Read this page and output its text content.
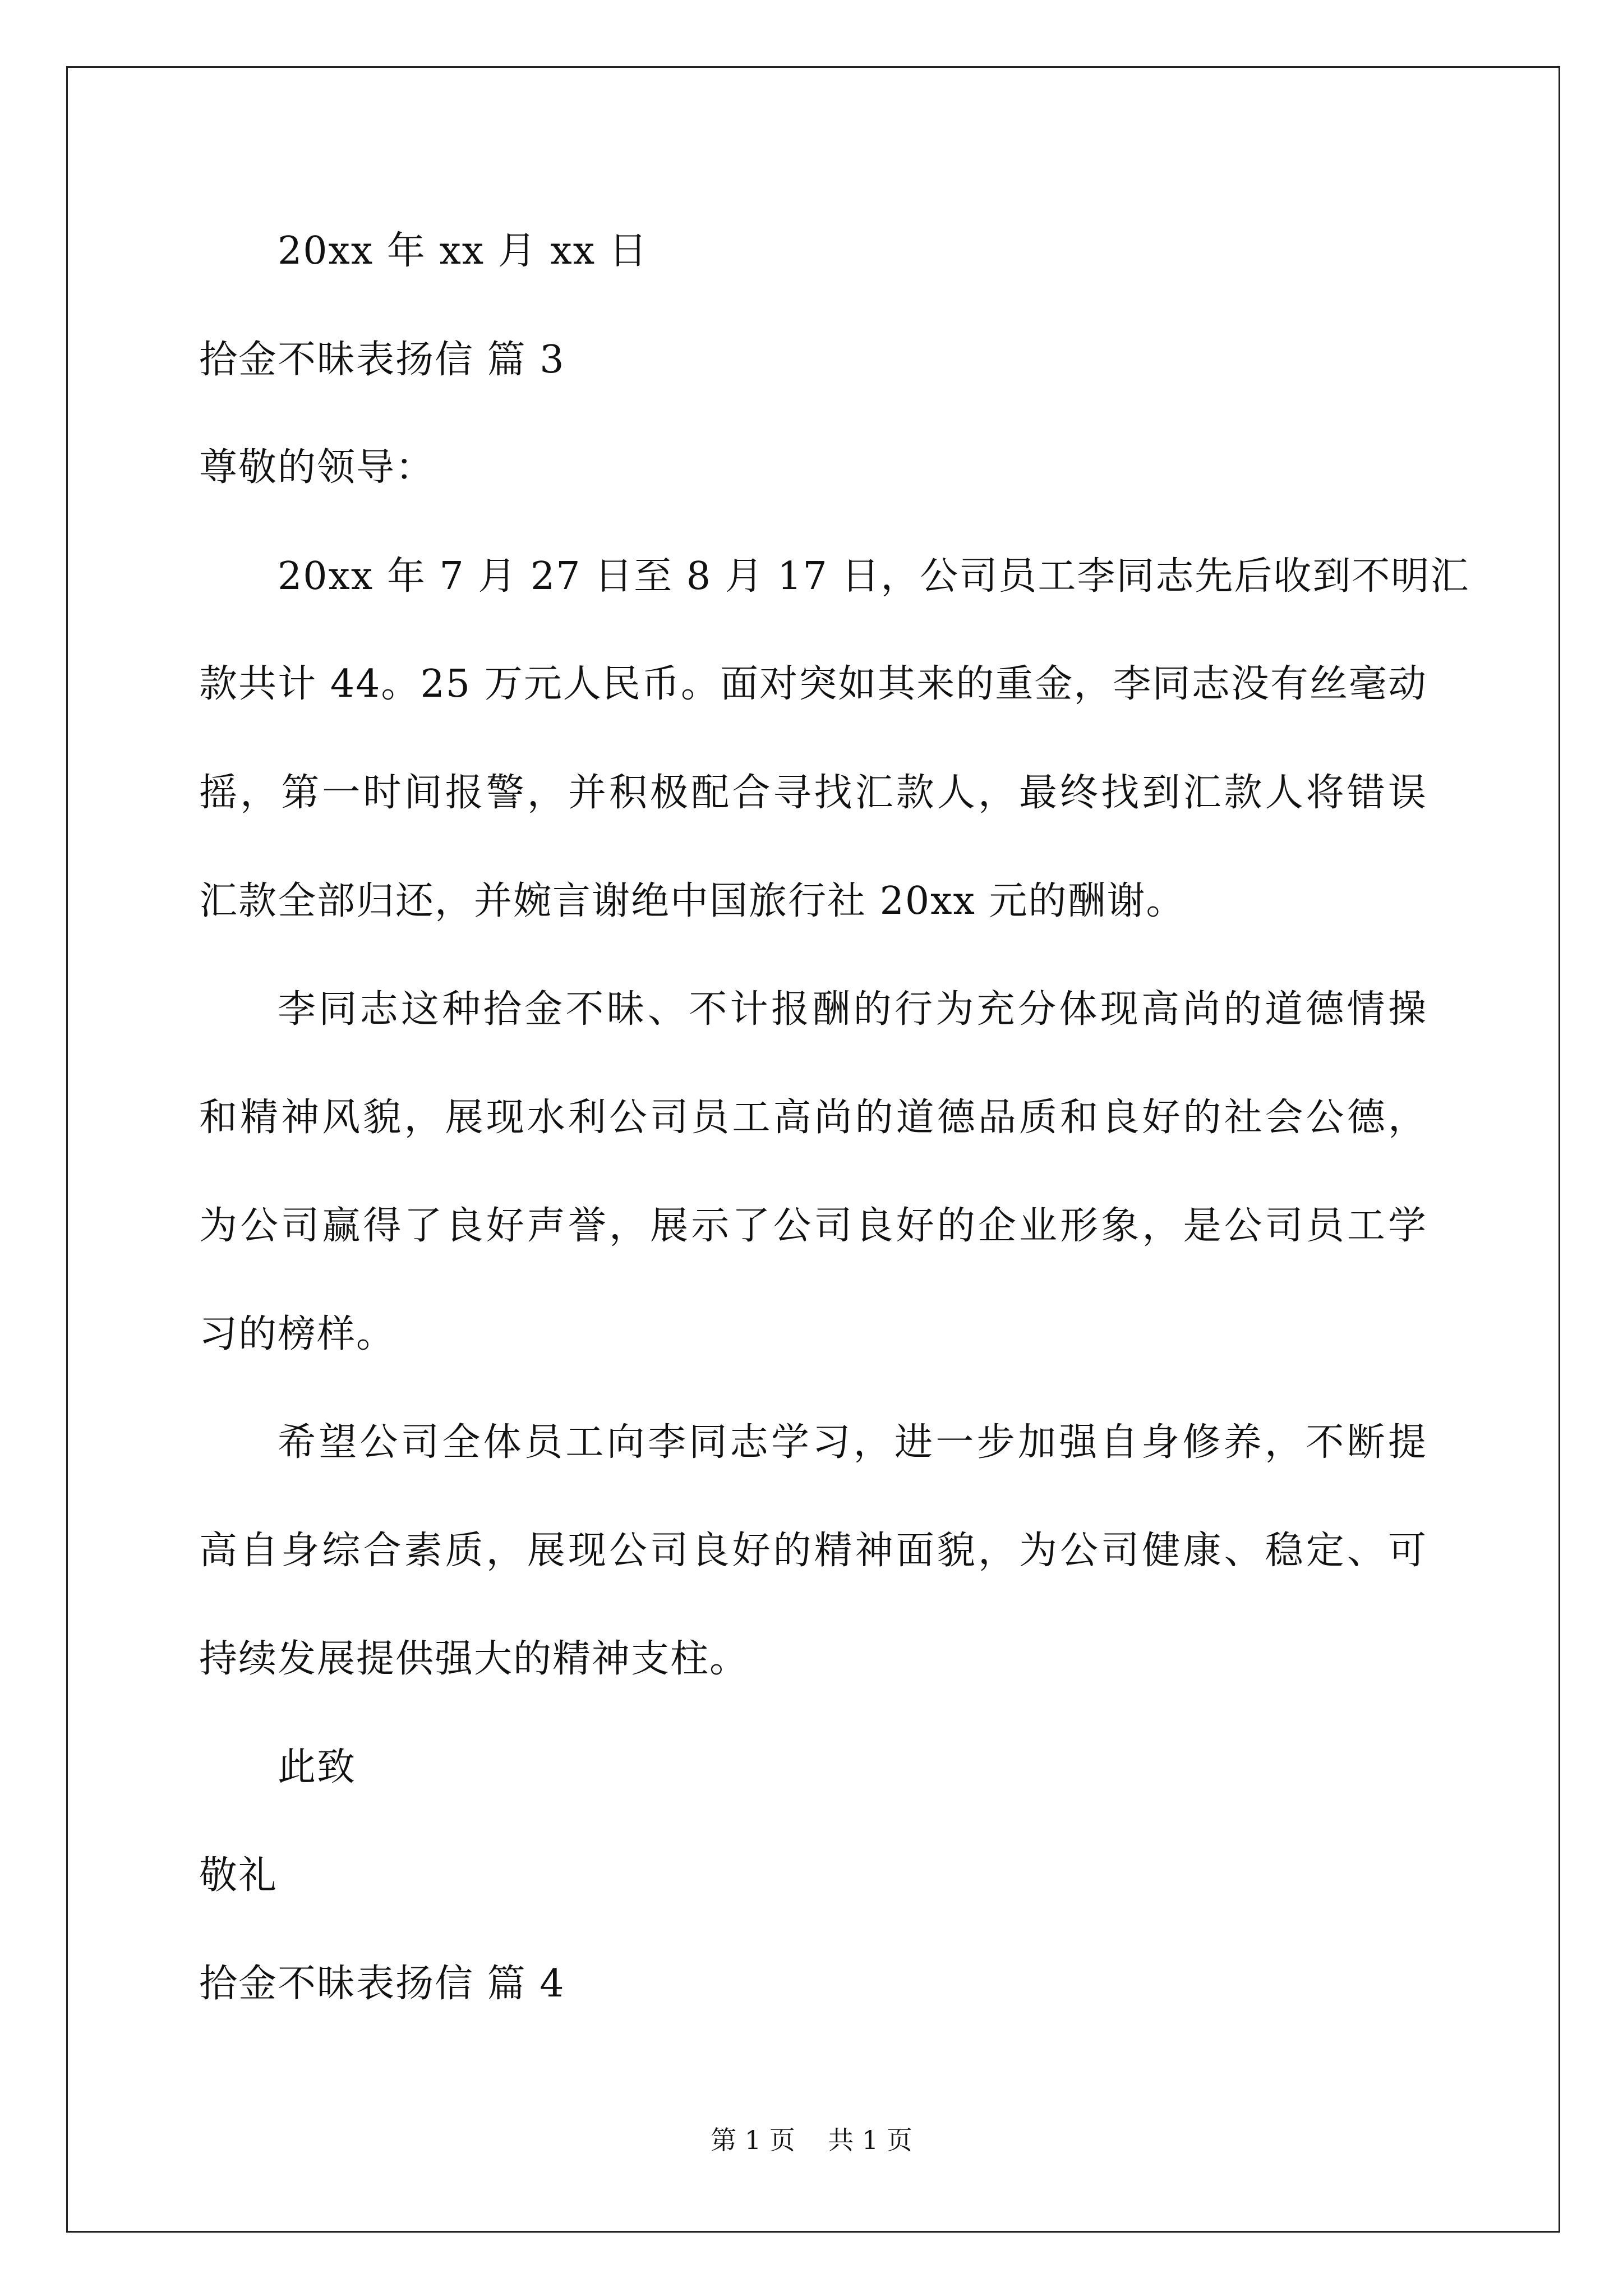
20xx 年 xx 月 xx 日
拾金不昧表扬信 篇 3
尊敬的领导：
20xx 年 7 月 27 日至 8 月 17 日，公司员工李同志先后收到不明汇
款共计 44。25 万元人民币。面对突如其来的重金，李同志没有丝毫动
摇，第一时间报警，并积极配合寻找汇款人，最终找到汇款人将错误
汇款全部归还，并婉言谢绝中国旅行社 20xx 元的酬谢。
李同志这种拾金不昧、不计报酬的行为充分体现高尚的道德情操
和精神风貌，展现水利公司员工高尚的道德品质和良好的社会公德，
为公司赢得了良好声誉，展示了公司良好的企业形象，是公司员工学
习的榜样。
希望公司全体员工向李同志学习，进一步加强自身修养，不断提
高自身综合素质，展现公司良好的精神面貌，为公司健康、稳定、可
持续发展提供强大的精神支柱。
此致
敬礼
拾金不昧表扬信 篇 4
第 1 页 共 1 页
